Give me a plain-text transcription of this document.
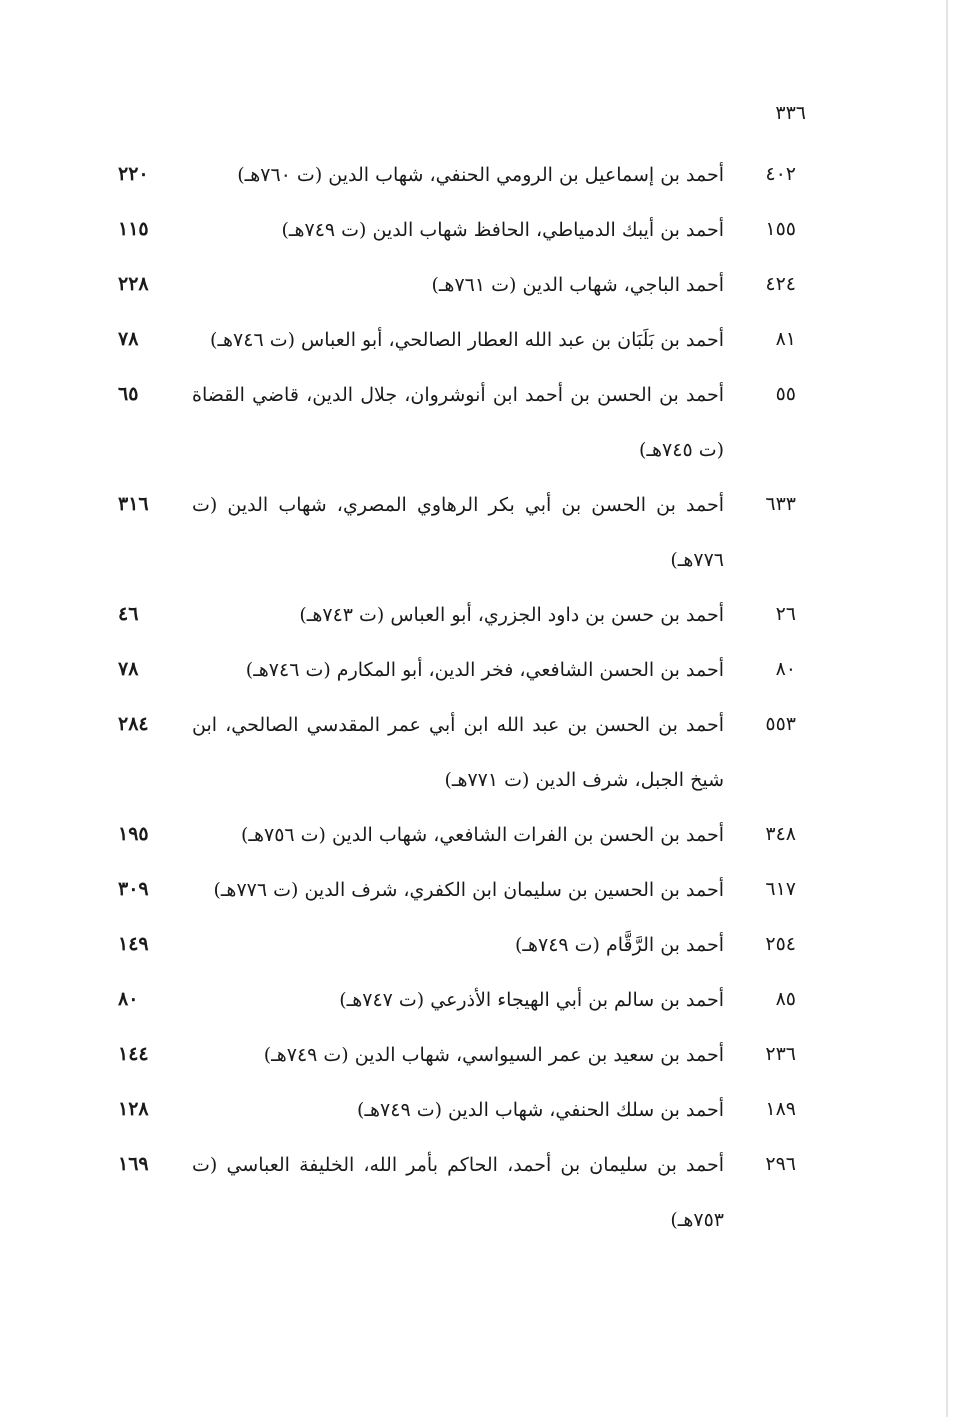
٣٣٦
٤٠٢
أحمد بن إسماعيل بن الرومي الحنفي، شهاب الدين (ت ٧٦٠هـ)
٢٢٠
١٥٥
أحمد بن أيبك الدمياطي، الحافظ شهاب الدين (ت ٧٤٩هـ)
١١٥
٤٢٤
أحمد الباجي، شهاب الدين (ت ٧٦١هـ)
٢٢٨
٨١
أحمد بن بَلَبَان بن عبد الله العطار الصالحي، أبو العباس (ت ٧٤٦هـ)
٧٨
٥٥
أحمد بن الحسن بن أحمد ابن أنوشروان، جلال الدين، قاضي القضاة (ت ٧٤٥هـ)
٦٥
٦٣٣
أحمد بن الحسن بن أبي بكر الرهاوي المصري، شهاب الدين (ت ٧٧٦هـ)
٣١٦
٢٦
أحمد بن حسن بن داود الجزري، أبو العباس (ت ٧٤٣هـ)
٤٦
٨٠
أحمد بن الحسن الشافعي، فخر الدين، أبو المكارم (ت ٧٤٦هـ)
٧٨
٥٥٣
أحمد بن الحسن بن عبد الله ابن أبي عمر المقدسي الصالحي، ابن شيخ الجبل، شرف الدين (ت ٧٧١هـ)
٢٨٤
٣٤٨
أحمد بن الحسن بن الفرات الشافعي، شهاب الدين (ت ٧٥٦هـ)
١٩٥
٦١٧
أحمد بن الحسين بن سليمان ابن الكفري، شرف الدين (ت ٧٧٦هـ)
٣٠٩
٢٥٤
أحمد بن الرَّقَّام (ت ٧٤٩هـ)
١٤٩
٨٥
أحمد بن سالم بن أبي الهيجاء الأذرعي (ت ٧٤٧هـ)
٨٠
٢٣٦
أحمد بن سعيد بن عمر السيواسي، شهاب الدين (ت ٧٤٩هـ)
١٤٤
١٨٩
أحمد بن سلك الحنفي، شهاب الدين (ت ٧٤٩هـ)
١٢٨
٢٩٦
أحمد بن سليمان بن أحمد، الحاكم بأمر الله، الخليفة العباسي (ت ٧٥٣هـ)
١٦٩
